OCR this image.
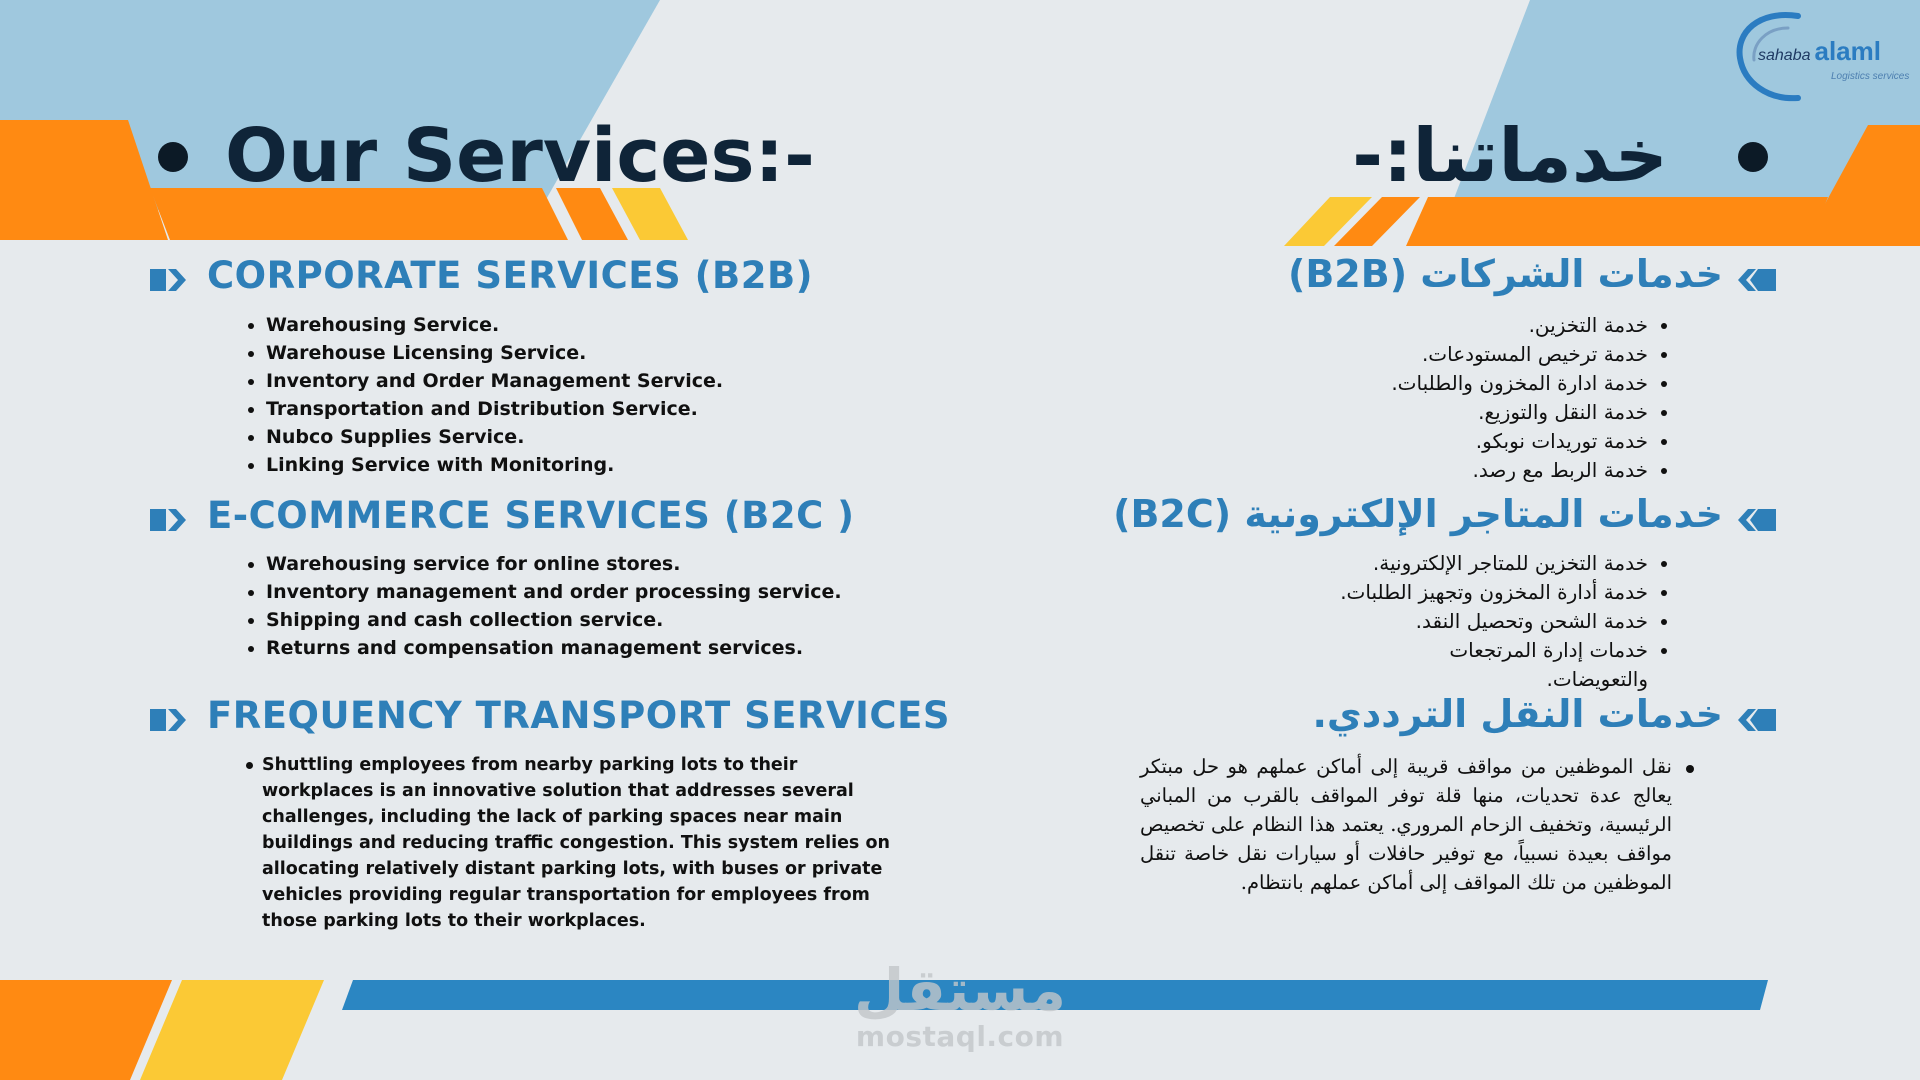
sahaba alaml
Logistics services
Our Services:-	خدماتنا:-
CORPORATE SERVICES (B2B)
• Warehousing Service.
• Warehouse Licensing Service.
• Inventory and Order Management Service.
• Transportation and Distribution Service.
• Nubco Supplies Service.
• Linking Service with Monitoring.
E-COMMERCE SERVICES (B2C )
• Warehousing service for online stores.
• Inventory management and order processing service.
• Shipping and cash collection service.
• Returns and compensation management services.
FREQUENCY TRANSPORT SERVICES
Shuttling employees from nearby parking lots to their workplaces is an innovative solution that addresses several challenges, including the lack of parking spaces near main buildings and reducing traffic congestion. This system relies on allocating relatively distant parking lots, with buses or private vehicles providing regular transportation for employees from those parking lots to their workplaces.
خدمات الشركات (B2B)
• خدمة التخزين.
• خدمة ترخيص المستودعات.
• خدمة ادارة المخزون والطلبات.
• خدمة النقل والتوزيع.
• خدمة توريدات نوبكو.
• خدمة الربط مع رصد.
خدمات المتاجر الإلكترونية (B2C)
• خدمة التخزين للمتاجر الإلكترونية.
• خدمة أدارة المخزون وتجهيز الطلبات.
• خدمة الشحن وتحصيل النقد.
• خدمات إدارة المرتجعات
والتعويضات.
خدمات النقل الترددي.
نقل الموظفين من مواقف قريبة إلى أماكن عملهم هو حل مبتكر يعالج عدة تحديات، منها قلة توفر المواقف بالقرب من المباني الرئيسية، وتخفيف الزحام المروري. يعتمد هذا النظام على تخصيص مواقف بعيدة نسبياً، مع توفير حافلات أو سيارات نقل خاصة تنقل الموظفين من تلك المواقف إلى أماكن عملهم بانتظام.
مستقل
mostaql.com
